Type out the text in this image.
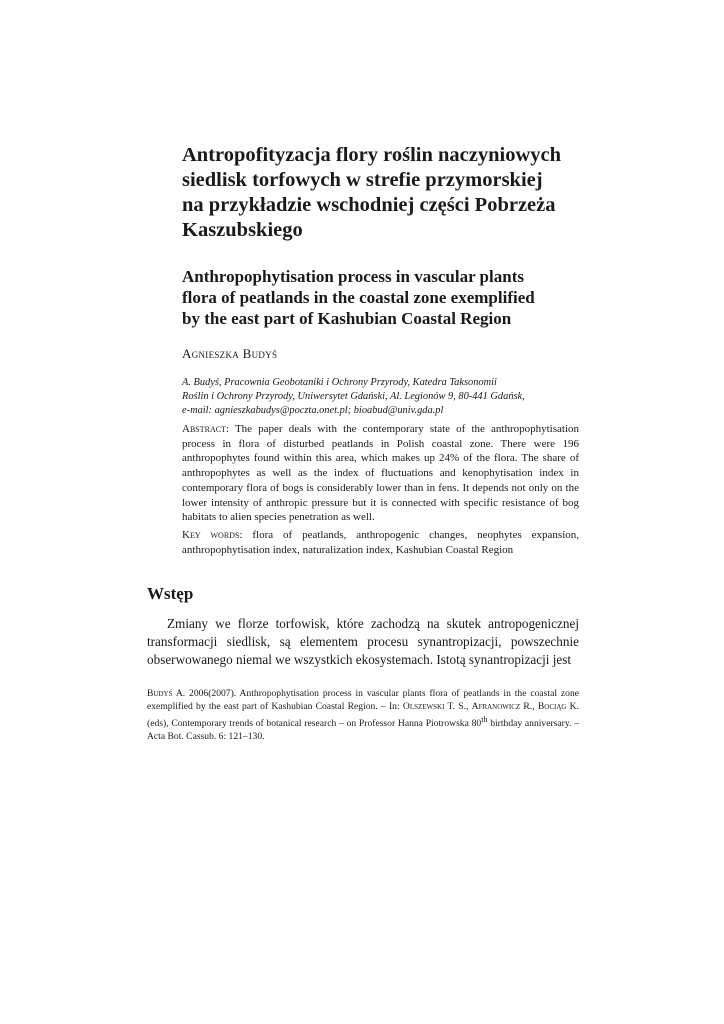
Antropofityzacja flory roślin naczyniowych
siedlisk torfowych w strefie przymorskiej
na przykładzie wschodniej części Pobrzeża
Kaszubskiego
Anthropophytisation process in vascular plants
flora of peatlands in the coastal zone exemplified
by the east part of Kashubian Coastal Region
Agnieszka Budyś
A. Budyś, Pracownia Geobotaniki i Ochrony Przyrody, Katedra Taksonomii
Roślin i Ochrony Przyrody, Uniwersytet Gdański, Al. Legionów 9, 80-441 Gdańsk,
e-mail: agnieszkabudys@poczta.onet.pl; bioabud@univ.gda.pl
Abstract: The paper deals with the contemporary state of the anthropophytisation process in flora of disturbed peatlands in Polish coastal zone. There were 196 anthropophytes found within this area, which makes up 24% of the flora. The share of anthropophytes as well as the index of fluctuations and kenophytisation index in contemporary flora of bogs is considerably lower than in fens. It depends not only on the lower intensity of anthropic pressure but it is connected with specific resistance of bog habitats to alien species penetration as well.
Key words: flora of peatlands, anthropogenic changes, neophytes expansion, anthropophytisation index, naturalization index, Kashubian Coastal Region
Wstęp

Zmiany we florze torfowisk, które zachodzą na skutek antropogenicznej transformacji siedlisk, są elementem procesu synantropizacji, powszechnie obserwowanego niemal we wszystkich ekosystemach. Istotą synantropizacji jest

Budyś A. 2006(2007). Anthropophytisation process in vascular plants flora of peatlands in the coastal zone exemplified by the east part of Kashubian Coastal Region. – In: Olszewski T. S., Afranowicz R., Bociąg K. (eds), Contemporary trends of botanical research – on Professor Hanna Piotrowska 80th birthday anniversary. – Acta Bot. Cassub. 6: 121–130.
